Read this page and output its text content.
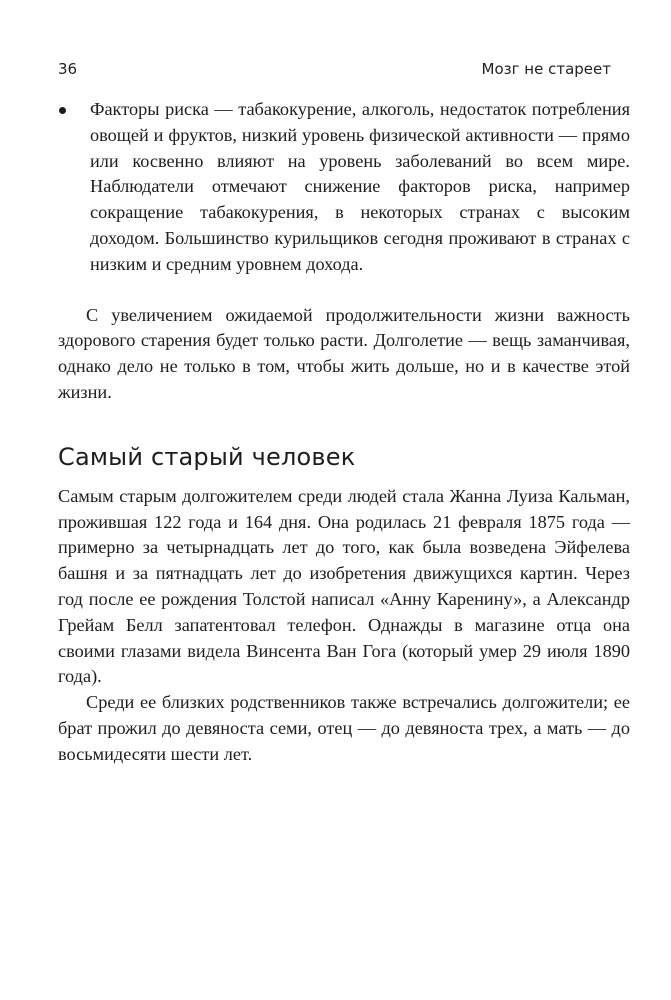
36	Мозг не стареет

Факторы риска — табакокурение, алкоголь, недостаток потребления овощей и фруктов, низкий уровень физической активности — прямо или косвенно влияют на уровень заболеваний во всем мире. Наблюдатели отмечают снижение факторов риска, например сокращение табакокурения, в некоторых странах с высоким доходом. Большинство курильщиков сегодня проживают в странах с низким и средним уровнем дохода.

С увеличением ожидаемой продолжительности жизни важность здорового старения будет только расти. Долголетие — вещь заманчивая, однако дело не только в том, чтобы жить дольше, но и в качестве этой жизни.

Самый старый человек

Самым старым долгожителем среди людей стала Жанна Луиза Кальман, прожившая 122 года и 164 дня. Она родилась 21 февраля 1875 года — примерно за четырнадцать лет до того, как была возведена Эйфелева башня и за пятнадцать лет до изобретения движущихся картин. Через год после ее рождения Толстой написал «Анну Каренину», а Александр Грейам Белл запатентовал телефон. Однажды в магазине отца она своими глазами видела Винсента Ван Гога (который умер 29 июля 1890 года).

Среди ее близких родственников также встречались долгожители; ее брат прожил до девяноста семи, отец — до девяноста трех, а мать — до восьмидесяти шести лет.
